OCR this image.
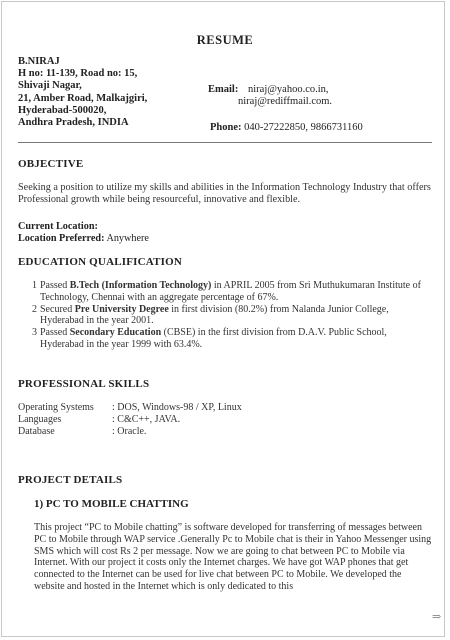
RESUME
B.NIRAJ
H no: 11-139, Road no: 15,
Shivaji Nagar,
21, Amber Road, Malkajgiri,
Hyderabad-500020,
Andhra Pradesh, INDIA
Email: niraj@yahoo.co.in,
niraj@rediffmail.com.
Phone: 040-27222850, 9866731160
OBJECTIVE
Seeking a position to utilize my skills and abilities in the Information Technology Industry that offers Professional growth while being resourceful, innovative and flexible.
Current Location:
Location Preferred: Anywhere
EDUCATION QUALIFICATION
1 Passed B.Tech (Information Technology) in APRIL 2005 from Sri Muthukumaran Institute of Technology, Chennai with an aggregate percentage of 67%.
2 Secured Pre University Degree in first division (80.2%) from Nalanda Junior College, Hyderabad in the year 2001.
3 Passed Secondary Education (CBSE) in the first division from D.A.V. Public School, Hyderabad in the year 1999 with 63.4%.
PROFESSIONAL SKILLS
Operating Systems	: DOS, Windows-98 / XP, Linux
Languages	: C&C++, JAVA.
Database	: Oracle.
PROJECT DETAILS
1) PC TO MOBILE CHATTING
This project “PC to Mobile chatting” is software developed for transferring of messages between PC to Mobile through WAP service .Generally Pc to Mobile chat is their in Yahoo Messenger using SMS which will cost Rs 2 per message. Now we are going to chat between PC to Mobile via Internet. With our project it costs only the Internet charges. We have got WAP phones that get connected to the Internet can be used for live chat between PC to Mobile. We developed the website and hosted in the Internet which is only dedicated to this
⇒
